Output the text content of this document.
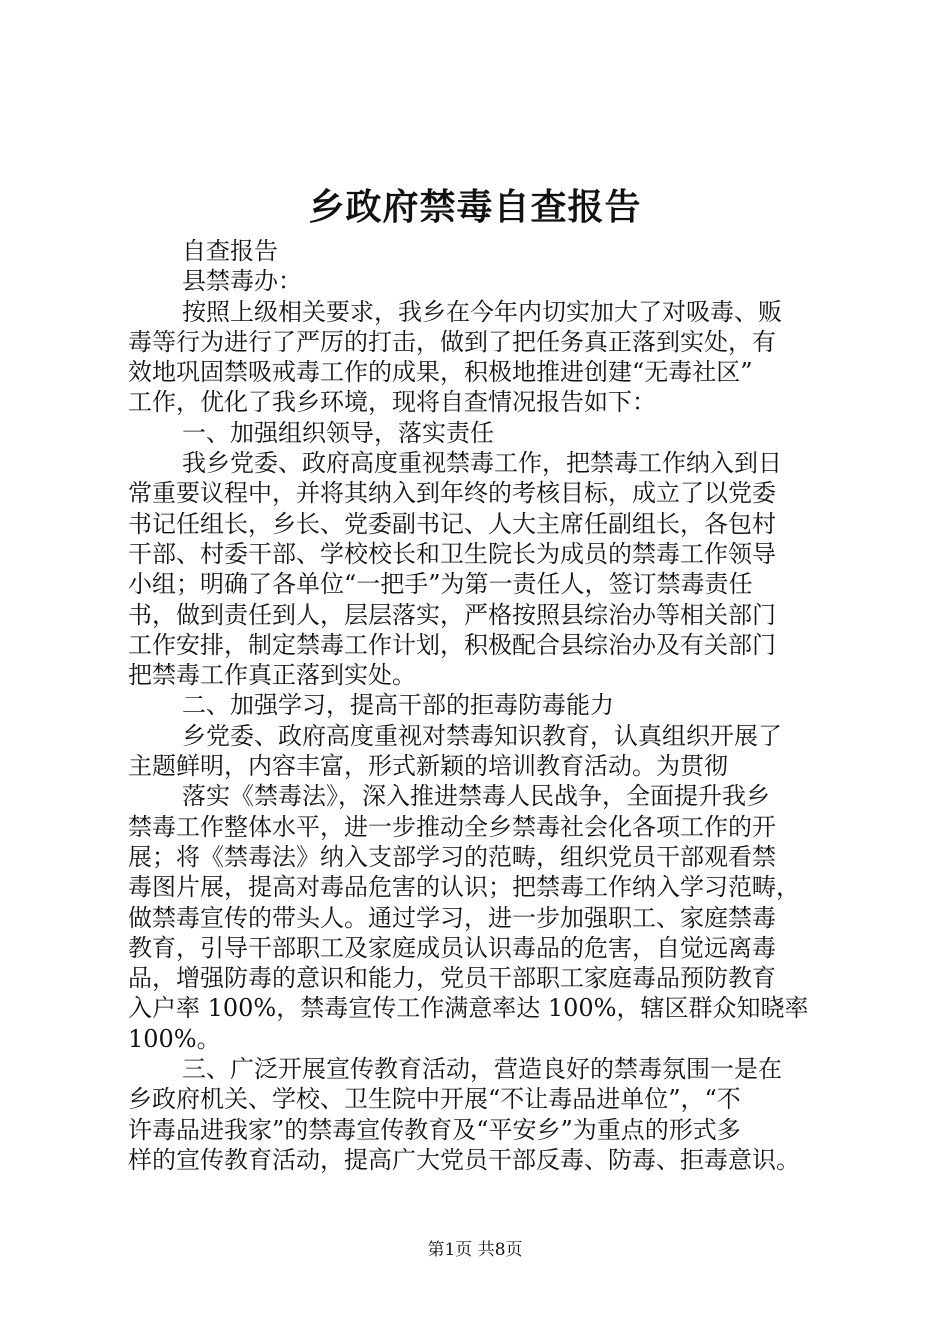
乡政府禁毒自查报告
自查报告
县禁毒办：
按照上级相关要求，我乡在今年内切实加大了对吸毒、贩
毒等行为进行了严厉的打击，做到了把任务真正落到实处，有
效地巩固禁吸戒毒工作的成果，积极地推进创建“无毒社区”
工作，优化了我乡环境，现将自查情况报告如下：
一、加强组织领导，落实责任
我乡党委、政府高度重视禁毒工作，把禁毒工作纳入到日
常重要议程中，并将其纳入到年终的考核目标，成立了以党委
书记任组长，乡长、党委副书记、人大主席任副组长，各包村
干部、村委干部、学校校长和卫生院长为成员的禁毒工作领导
小组；明确了各单位“一把手”为第一责任人，签订禁毒责任
书，做到责任到人，层层落实，严格按照县综治办等相关部门
工作安排，制定禁毒工作计划，积极配合县综治办及有关部门
把禁毒工作真正落到实处。
二、加强学习，提高干部的拒毒防毒能力
乡党委、政府高度重视对禁毒知识教育，认真组织开展了
主题鲜明，内容丰富，形式新颖的培训教育活动。为贯彻
落实《禁毒法》，深入推进禁毒人民战争，全面提升我乡
禁毒工作整体水平，进一步推动全乡禁毒社会化各项工作的开
展；将《禁毒法》纳入支部学习的范畴，组织党员干部观看禁
毒图片展，提高对毒品危害的认识；把禁毒工作纳入学习范畴，
做禁毒宣传的带头人。通过学习，进一步加强职工、家庭禁毒
教育，引导干部职工及家庭成员认识毒品的危害，自觉远离毒
品，增强防毒的意识和能力，党员干部职工家庭毒品预防教育
入户率 100%，禁毒宣传工作满意率达 100%，辖区群众知晓率
100%。
三、广泛开展宣传教育活动，营造良好的禁毒氛围一是在
乡政府机关、学校、卫生院中开展“不让毒品进单位”，“不
许毒品进我家”的禁毒宣传教育及“平安乡”为重点的形式多
样的宣传教育活动，提高广大党员干部反毒、防毒、拒毒意识。
第1页 共8页
